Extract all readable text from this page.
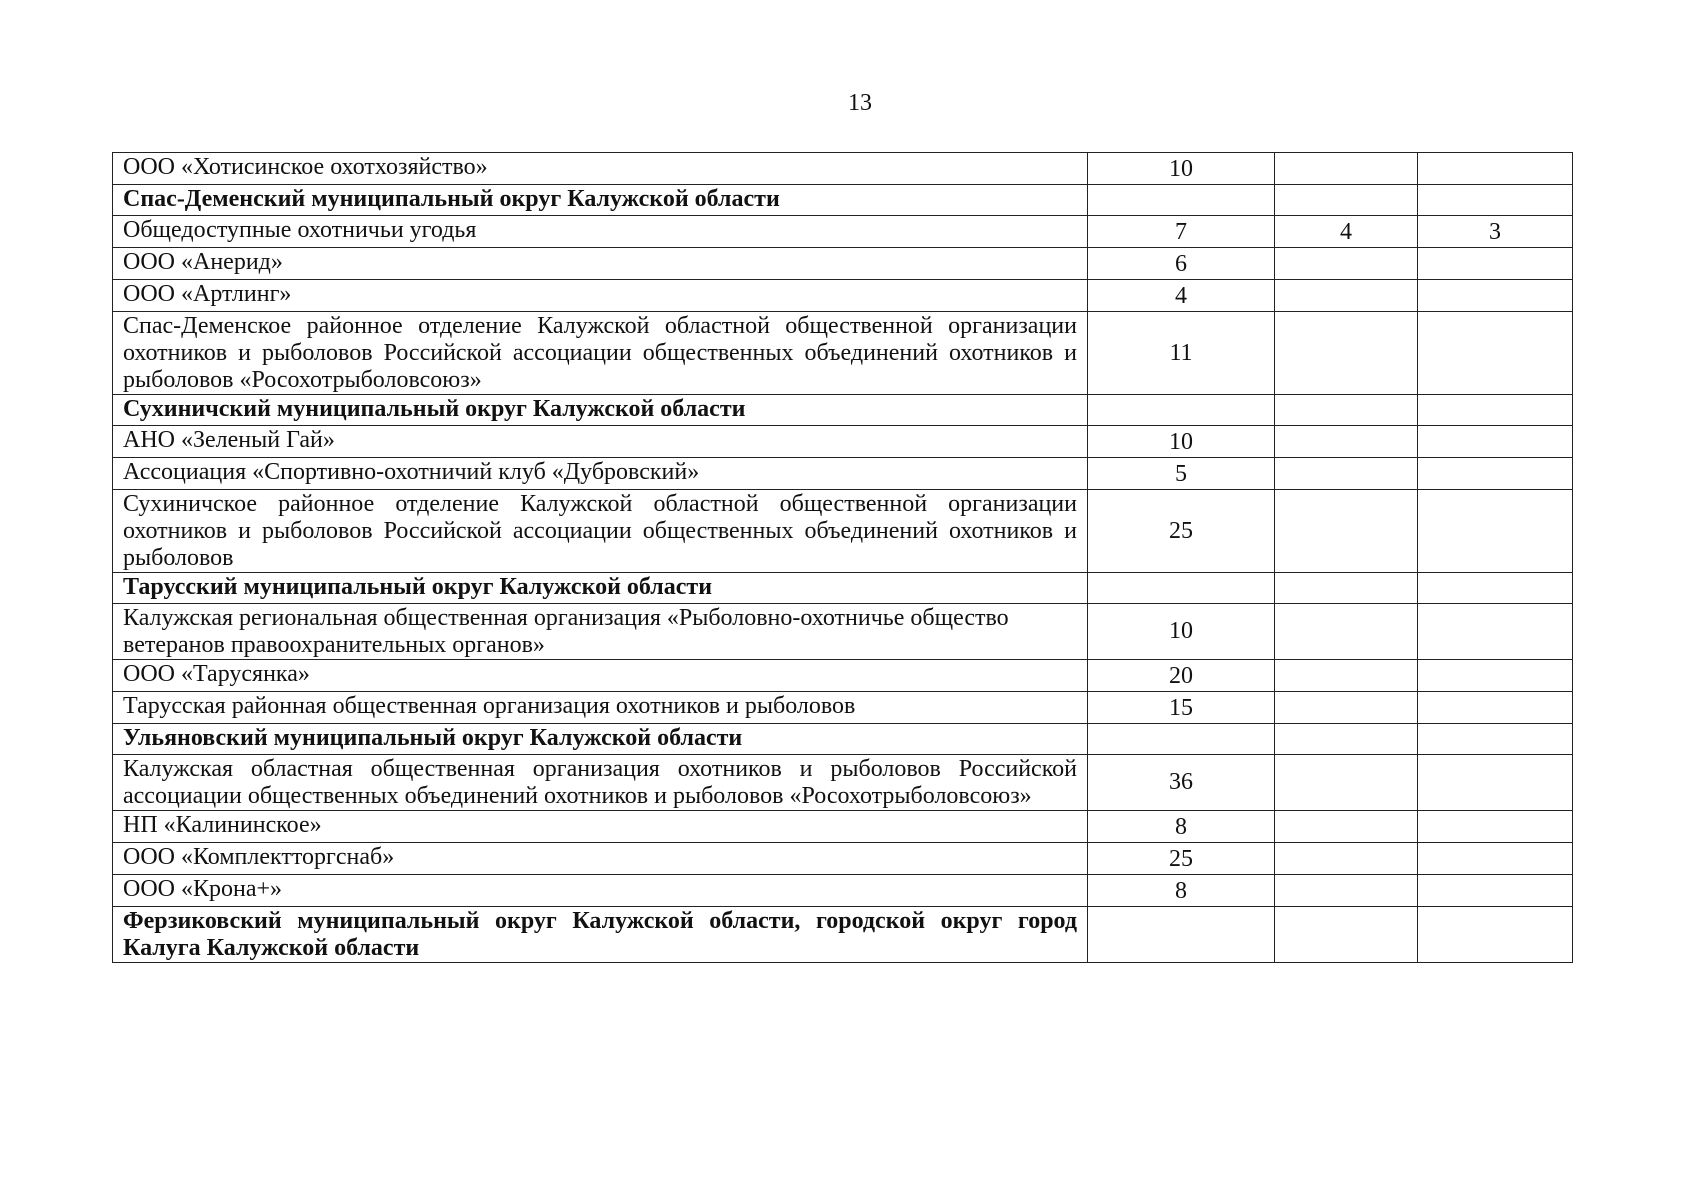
13
ООО «Хотисинское охотхозяйство»	10		
Спас-Деменский муниципальный округ Калужской области			
Общедоступные охотничьи угодья	7	4	3
ООО «Анерид»	6		
ООО «Артлинг»	4		
Спас-Деменское районное отделение Калужской областной общественной организации охотников и рыболовов Российской ассоциации общественных объединений охотников и рыболовов «Росохотрыболовсоюз»	11		
Сухиничский муниципальный округ Калужской области			
АНО «Зеленый Гай»	10		
Ассоциация «Спортивно-охотничий клуб «Дубровский»	5		
Сухиничское районное отделение Калужской областной общественной организации охотников и рыболовов Российской ассоциации общественных объединений охотников и рыболовов	25		
Тарусский муниципальный округ Калужской области			
Калужская региональная общественная организация «Рыболовно-охотничье общество ветеранов правоохранительных органов»	10		
ООО «Тарусянка»	20		
Тарусская районная общественная организация охотников и рыболовов	15		
Ульяновский муниципальный округ Калужской области			
Калужская областная общественная организация охотников и рыболовов Российской ассоциации общественных объединений охотников и рыболовов «Росохотрыболовсоюз»	36		
НП «Калининское»	8		
ООО «Комплектторгснаб»	25		
ООО «Крона+»	8		
Ферзиковский муниципальный округ Калужской области, городской округ город Калуга Калужской области			
